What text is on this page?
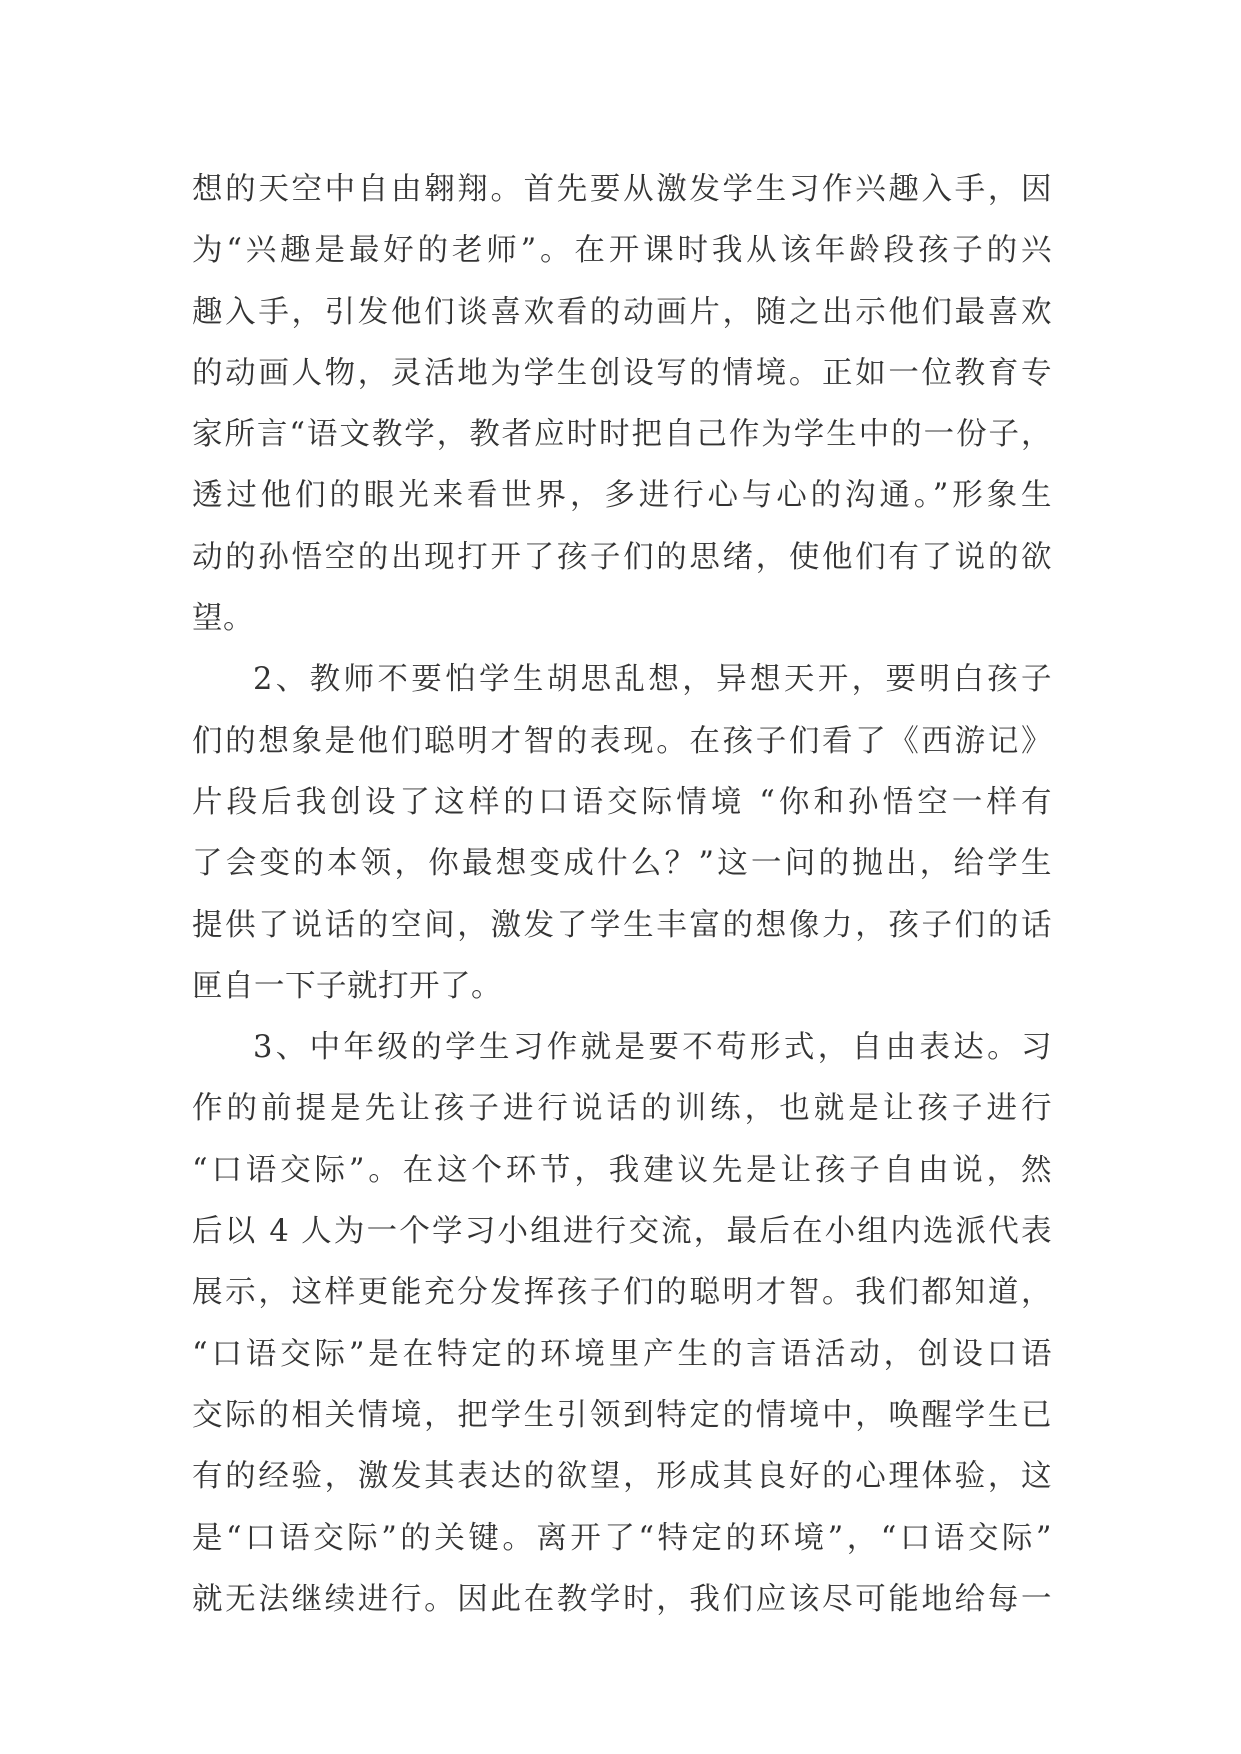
想的天空中自由翱翔。首先要从激发学生习作兴趣入手，因
为“兴趣是最好的老师”。在开课时我从该年龄段孩子的兴
趣入手，引发他们谈喜欢看的动画片，随之出示他们最喜欢
的动画人物，灵活地为学生创设写的情境。正如一位教育专
家所言“语文教学，教者应时时把自己作为学生中的一份子，
透过他们的眼光来看世界，多进行心与心的沟通。”形象生
动的孙悟空的出现打开了孩子们的思绪，使他们有了说的欲
望。
2、教师不要怕学生胡思乱想，异想天开，要明白孩子
们的想象是他们聪明才智的表现。在孩子们看了《西游记》
片段后我创设了这样的口语交际情境 “你和孙悟空一样有
了会变的本领，你最想变成什么？”这一问的抛出，给学生
提供了说话的空间，激发了学生丰富的想像力，孩子们的话
匣自一下子就打开了。
3、中年级的学生习作就是要不苟形式，自由表达。习
作的前提是先让孩子进行说话的训练，也就是让孩子进行
“口语交际”。在这个环节，我建议先是让孩子自由说，然
后以 4 人为一个学习小组进行交流，最后在小组内选派代表
展示，这样更能充分发挥孩子们的聪明才智。我们都知道，
“口语交际”是在特定的环境里产生的言语活动，创设口语
交际的相关情境，把学生引领到特定的情境中，唤醒学生已
有的经验，激发其表达的欲望，形成其良好的心理体验，这
是“口语交际”的关键。离开了“特定的环境”，“口语交际”
就无法继续进行。因此在教学时，我们应该尽可能地给每一
